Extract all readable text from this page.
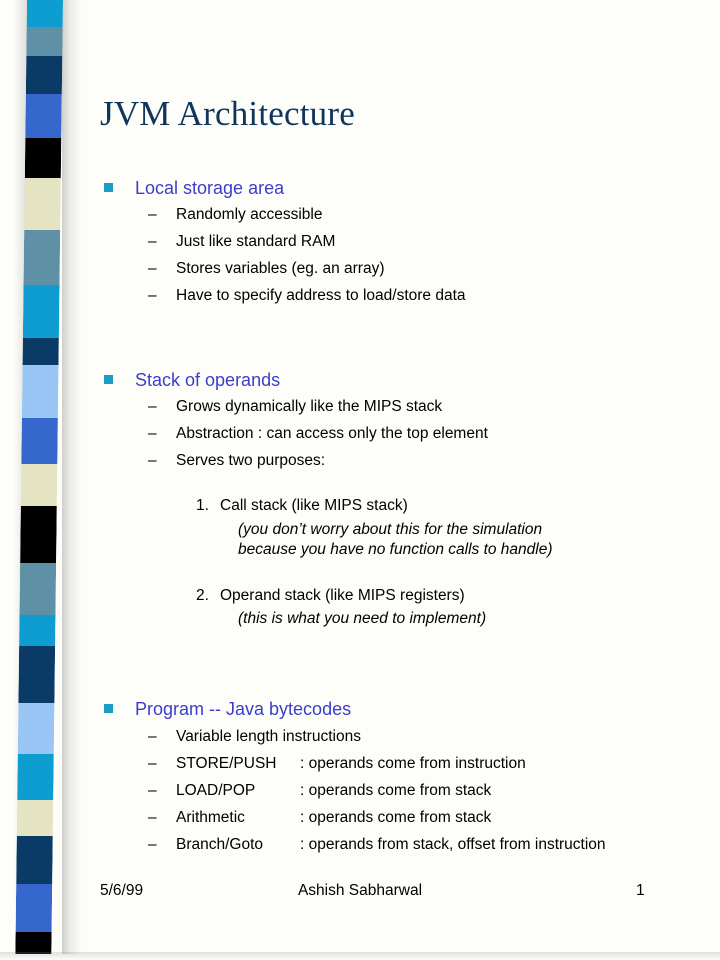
JVM Architecture
Local storage area
– Randomly accessible
– Just like standard RAM
– Stores variables (eg. an array)
– Have to specify address to load/store data
Stack of operands
– Grows dynamically like the MIPS stack
– Abstraction : can access only the top element
– Serves two purposes:
1. Call stack (like MIPS stack)
(you don’t worry about this for the simulation
because you have no function calls to handle)
2. Operand stack (like MIPS registers)
(this is what you need to implement)
Program -- Java bytecodes
– Variable length instructions
– STORE/PUSH : operands come from instruction
– LOAD/POP	: operands come from stack
– Arithmetic	: operands come from stack
– Branch/Goto : operands from stack, offset from instruction
5/6/99	Ashish Sabharwal	1
